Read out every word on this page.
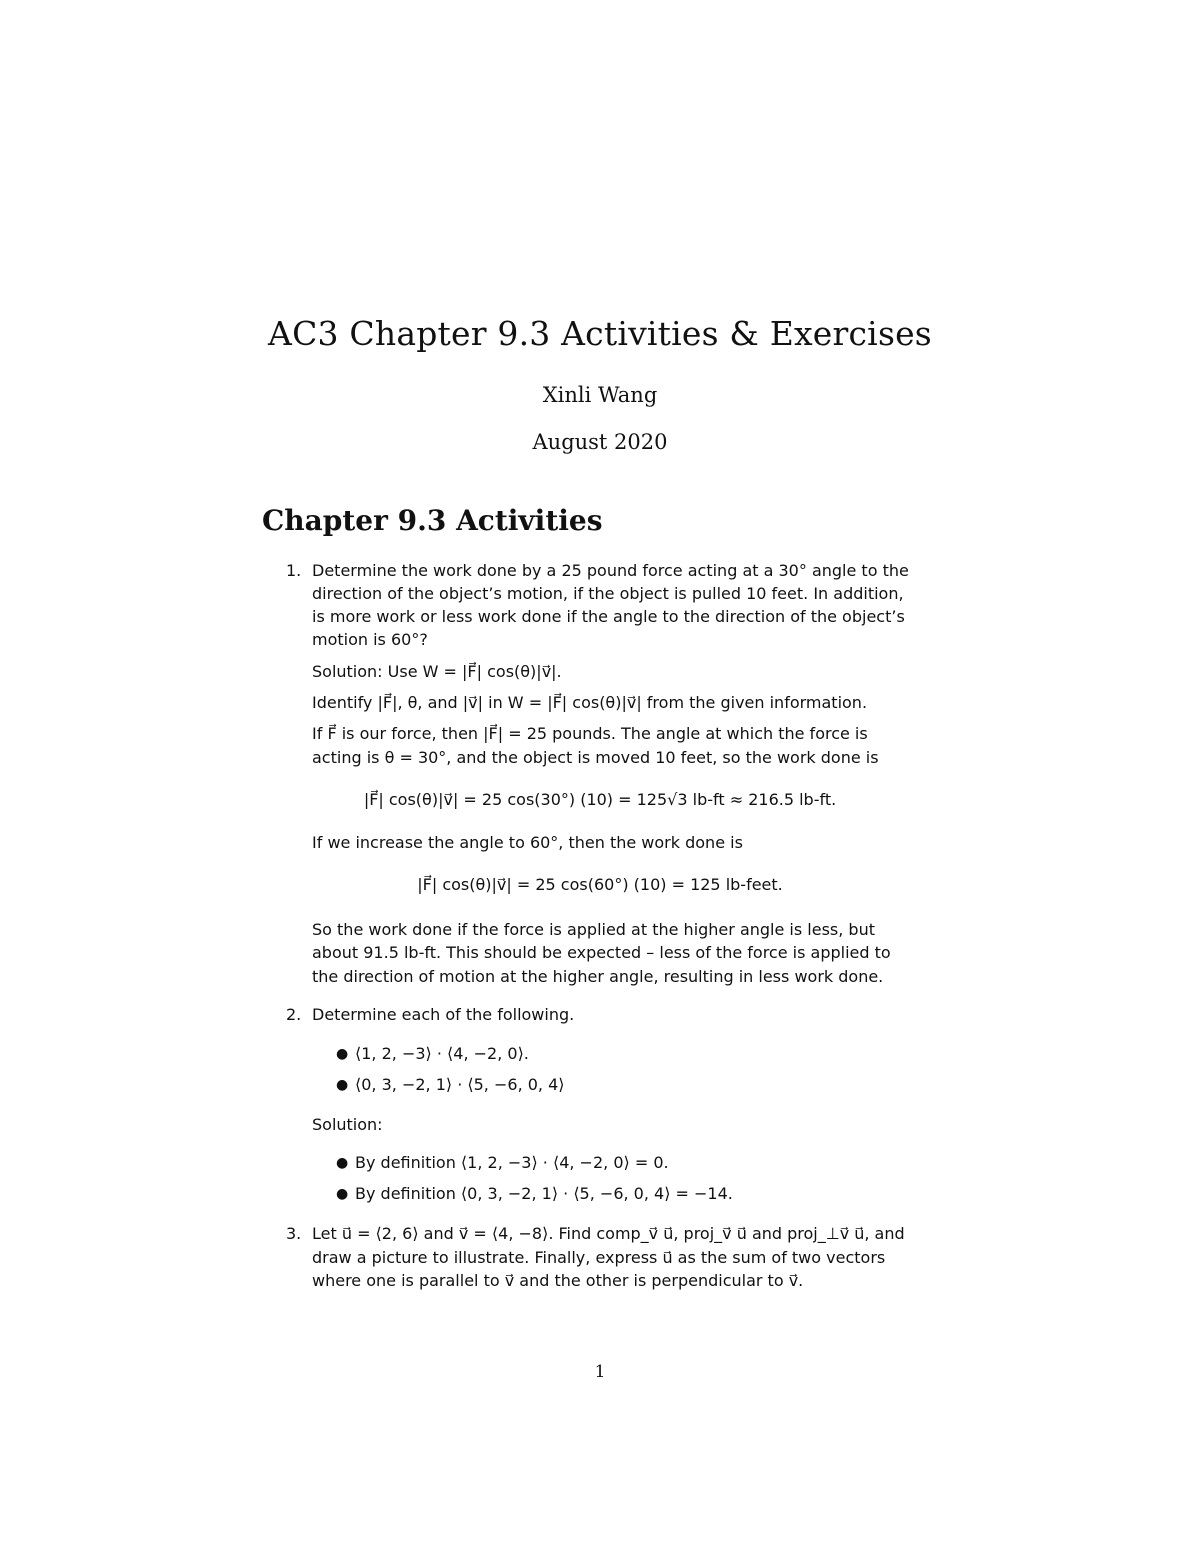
AC3 Chapter 9.3 Activities & Exercises
Xinli Wang
August 2020
Chapter 9.3 Activities
1. Determine the work done by a 25 pound force acting at a 30° angle to the
direction of the object’s motion, if the object is pulled 10 feet. In addition,
is more work or less work done if the angle to the direction of the object’s
motion is 60°?
Solution: Use W = |F⃗| cos(θ)|v⃗|.
Identify |F⃗|, θ, and |v⃗| in W = |F⃗| cos(θ)|v⃗| from the given information.
If F⃗ is our force, then |F⃗| = 25 pounds. The angle at which the force is
acting is θ = 30°, and the object is moved 10 feet, so the work done is
|F⃗| cos(θ)|v⃗| = 25 cos(30°) (10) = 125√3 lb-ft ≈ 216.5 lb-ft.
If we increase the angle to 60°, then the work done is
|F⃗| cos(θ)|v⃗| = 25 cos(60°) (10) = 125 lb-feet.
So the work done if the force is applied at the higher angle is less, but
about 91.5 lb-ft. This should be expected – less of the force is applied to
the direction of motion at the higher angle, resulting in less work done.
2. Determine each of the following.
● ⟨1, 2, −3⟩ · ⟨4, −2, 0⟩.
● ⟨0, 3, −2, 1⟩ · ⟨5, −6, 0, 4⟩
Solution:
● By definition ⟨1, 2, −3⟩ · ⟨4, −2, 0⟩ = 0.
● By definition ⟨0, 3, −2, 1⟩ · ⟨5, −6, 0, 4⟩ = −14.
3. Let u⃗ = ⟨2, 6⟩ and v⃗ = ⟨4, −8⟩. Find comp_v⃗ u⃗, proj_v⃗ u⃗ and proj_⊥v⃗ u⃗, and
draw a picture to illustrate. Finally, express u⃗ as the sum of two vectors
where one is parallel to v⃗ and the other is perpendicular to v⃗.
1
